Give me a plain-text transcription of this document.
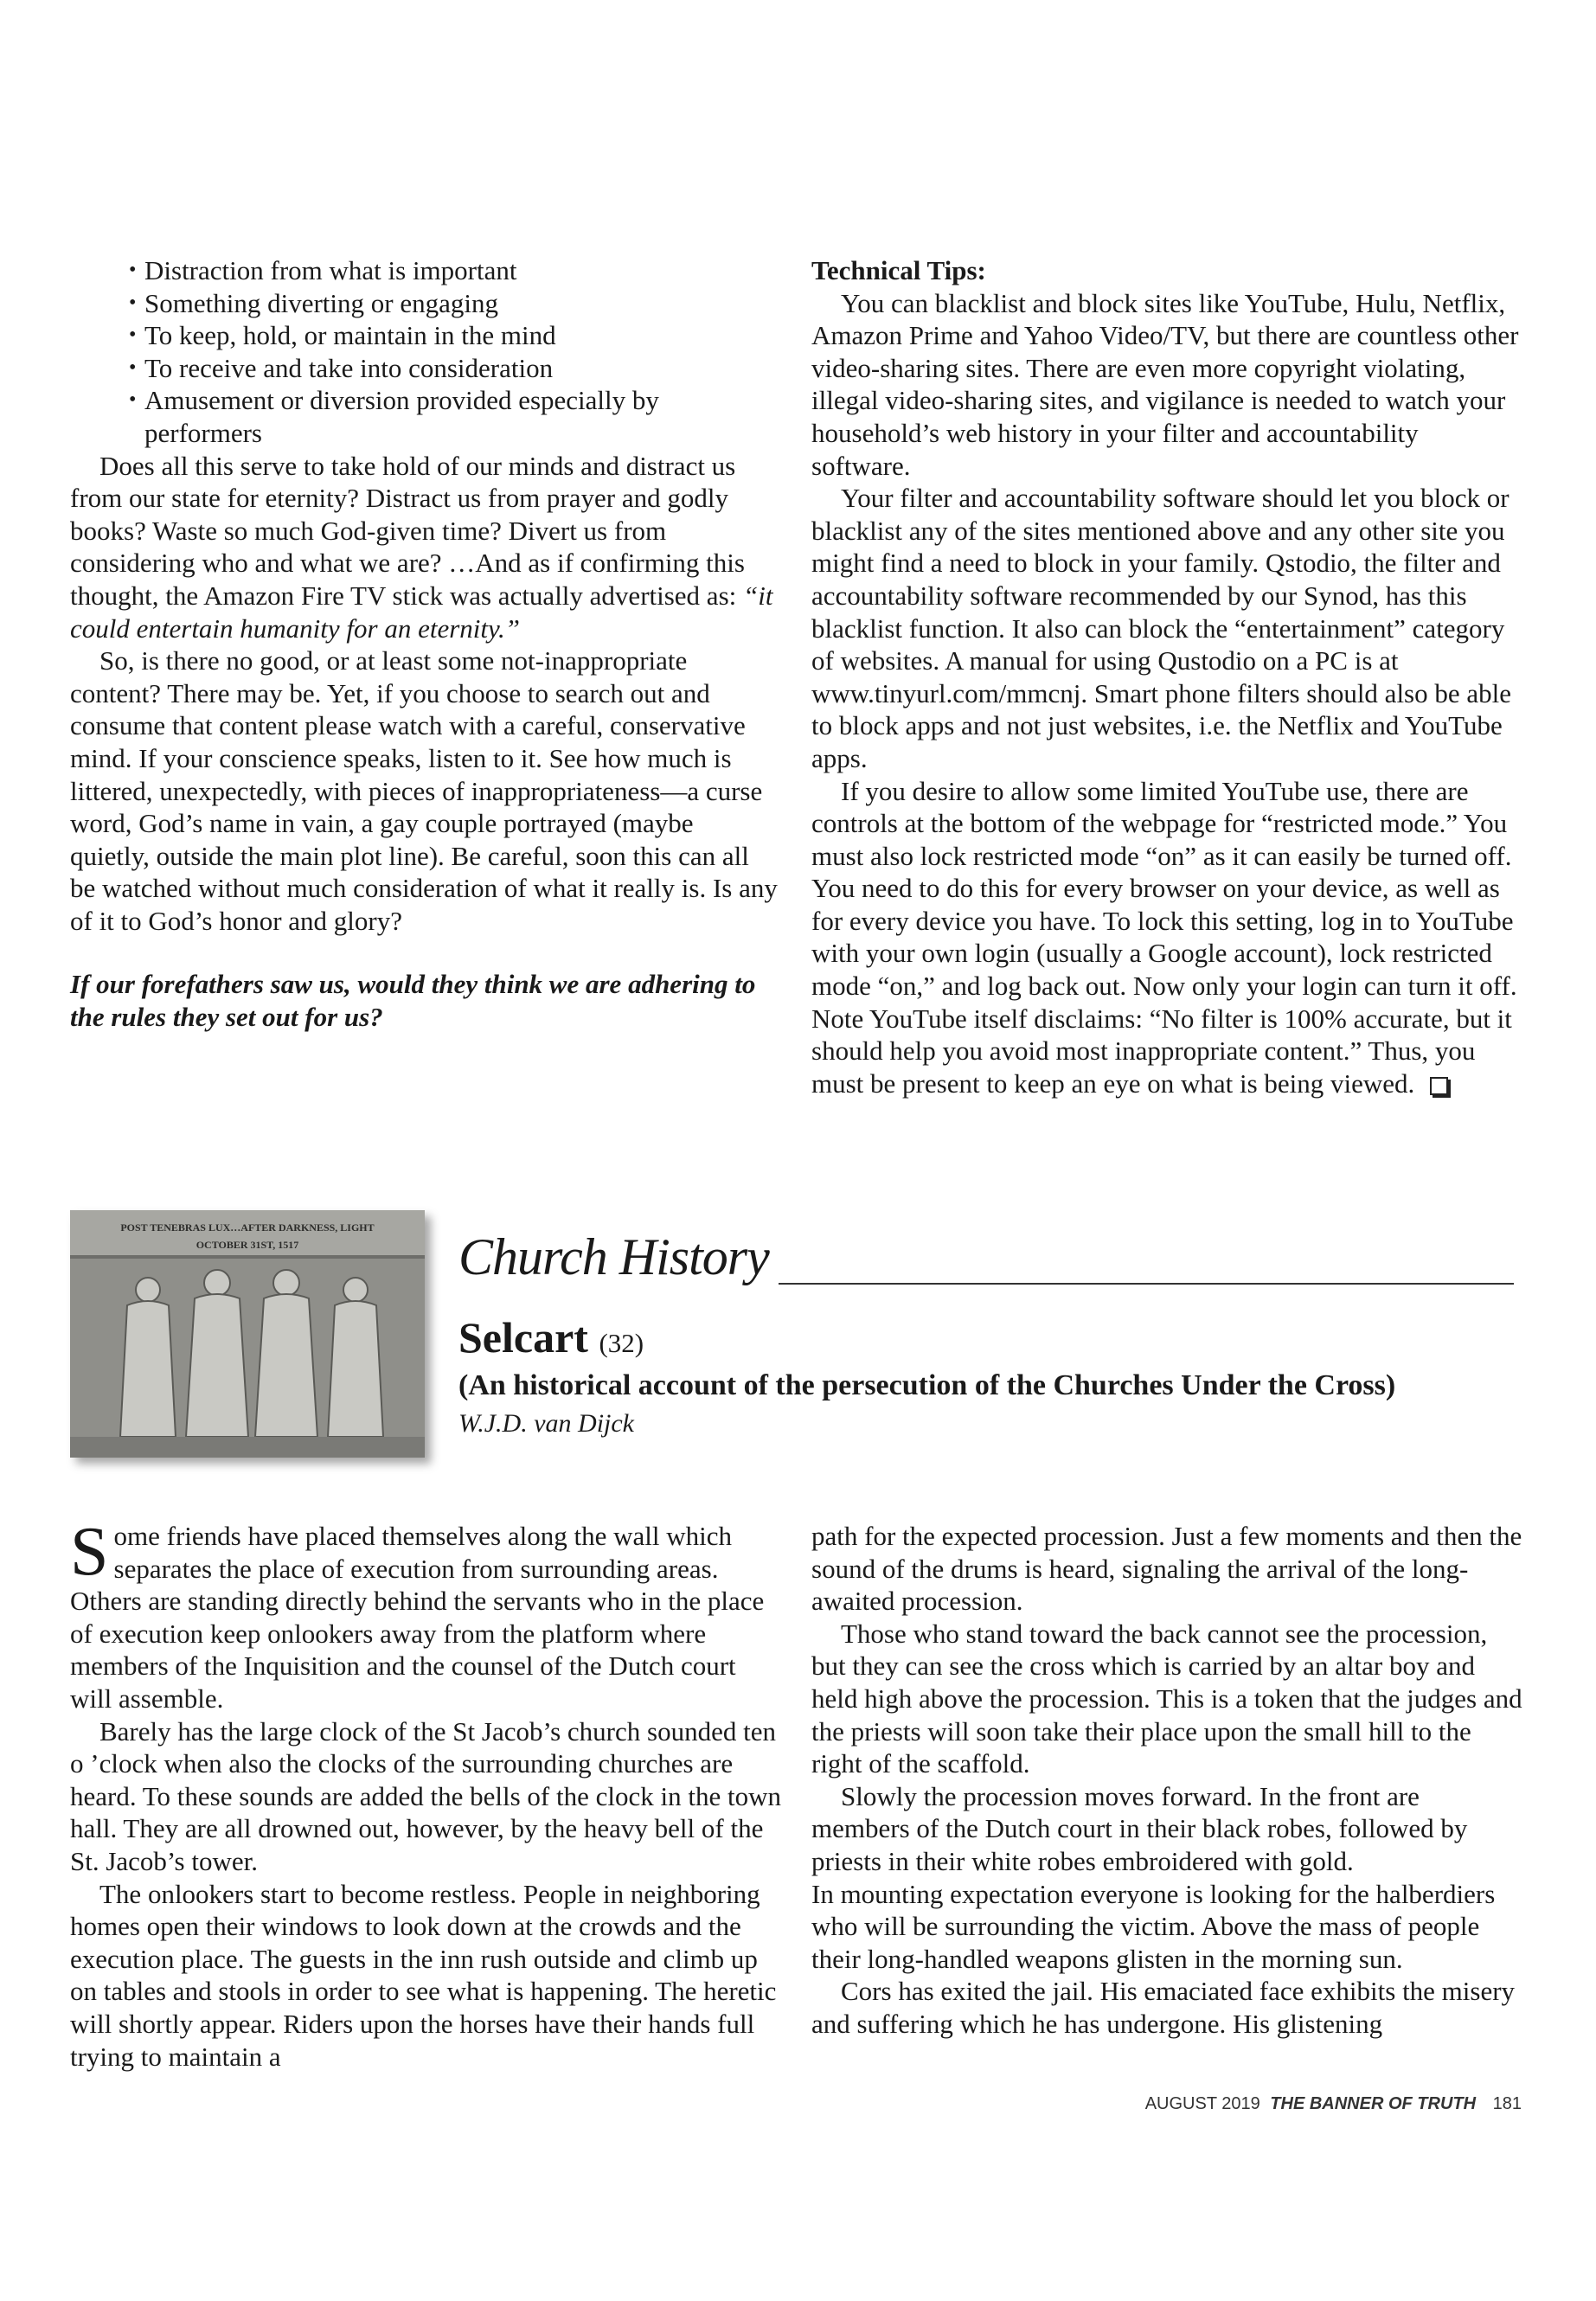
• Distraction from what is important
• Something diverting or engaging
• To keep, hold, or maintain in the mind
• To receive and take into consideration
• Amusement or diversion provided especially by performers

Does all this serve to take hold of our minds and distract us from our state for eternity? Distract us from prayer and godly books? Waste so much God-given time? Divert us from considering who and what we are? …And as if confirming this thought, the Amazon Fire TV stick was actually advertised as: “it could entertain humanity for an eternity.”

So, is there no good, or at least some not-inappropriate content? There may be. Yet, if you choose to search out and consume that content please watch with a careful, conservative mind. If your conscience speaks, listen to it. See how much is littered, unexpectedly, with pieces of inappropriateness—a curse word, God’s name in vain, a gay couple portrayed (maybe quietly, outside the main plot line). Be careful, soon this can all be watched without much consideration of what it really is. Is any of it to God’s honor and glory?

If our forefathers saw us, would they think we are adhering to the rules they set out for us?

Technical Tips:

You can blacklist and block sites like YouTube, Hulu, Netflix, Amazon Prime and Yahoo Video/TV, but there are countless other video-sharing sites. There are even more copyright violating, illegal video-sharing sites, and vigilance is needed to watch your household’s web history in your filter and accountability software.

Your filter and accountability software should let you block or blacklist any of the sites mentioned above and any other site you might find a need to block in your family. Qstodio, the filter and accountability software recommended by our Synod, has this blacklist function. It also can block the “entertainment” category of websites. A manual for using Qustodio on a PC is at www.tinyurl.com/mmcnj. Smart phone filters should also be able to block apps and not just websites, i.e. the Netflix and YouTube apps.

If you desire to allow some limited YouTube use, there are controls at the bottom of the webpage for “restricted mode.” You must also lock restricted mode “on” as it can easily be turned off. You need to do this for every browser on your device, as well as for every device you have. To lock this setting, log in to YouTube with your own login (usually a Google account), lock restricted mode “on,” and log back out. Now only your login can turn it off. Note YouTube itself disclaims: “No filter is 100% accurate, but it should help you avoid most inappropriate content.” Thus, you must be present to keep an eye on what is being viewed.

POST TENEBRAS LUX…AFTER DARKNESS, LIGHT
OCTOBER 31ST, 1517	Church History
Selcart (32)
(An historical account of the persecution of the Churches Under the Cross)
W.J.D. van Dijck

Some friends have placed themselves along the wall which separates the place of execution from surrounding areas. Others are standing directly behind the servants who in the place of execution keep onlookers away from the platform where members of the Inquisition and the counsel of the Dutch court will assemble.

Barely has the large clock of the St Jacob’s church sounded ten o ’clock when also the clocks of the surrounding churches are heard. To these sounds are added the bells of the clock in the town hall. They are all drowned out, however, by the heavy bell of the St. Jacob’s tower.

The onlookers start to become restless. People in neighboring homes open their windows to look down at the crowds and the execution place. The guests in the inn rush outside and climb up on tables and stools in order to see what is happening. The heretic will shortly appear. Riders upon the horses have their hands full trying to maintain a

path for the expected procession. Just a few moments and then the sound of the drums is heard, signaling the arrival of the long-awaited procession.

Those who stand toward the back cannot see the procession, but they can see the cross which is carried by an altar boy and held high above the procession. This is a token that the judges and the priests will soon take their place upon the small hill to the right of the scaffold.

Slowly the procession moves forward. In the front are members of the Dutch court in their black robes, followed by priests in their white robes embroidered with gold.

In mounting expectation everyone is looking for the halberdiers who will be surrounding the victim. Above the mass of people their long-handled weapons glisten in the morning sun.

Cors has exited the jail. His emaciated face exhibits the misery and suffering which he has undergone. His glistening

AUGUST 2019 THE BANNER OF TRUTH 181
